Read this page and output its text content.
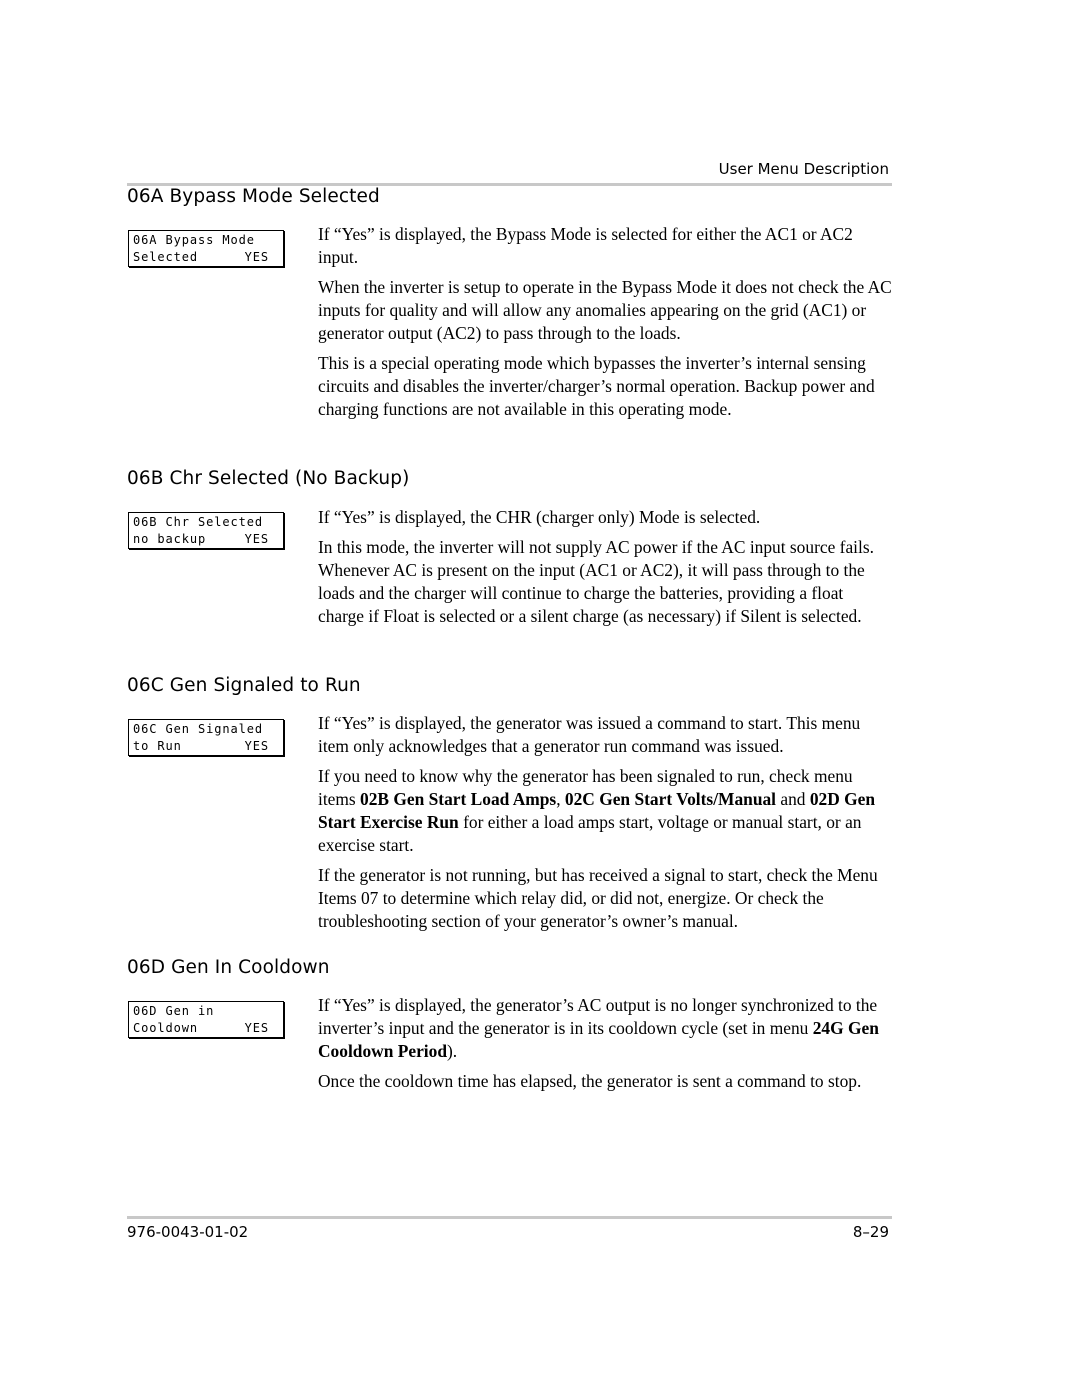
User Menu Description
06A Bypass Mode Selected
06A Bypass Mode
Selected	YES

If “Yes” is displayed, the Bypass Mode is selected for either the AC1 or AC2 input.

When the inverter is setup to operate in the Bypass Mode it does not check the AC inputs for quality and will allow any anomalies appearing on the grid (AC1) or generator output (AC2) to pass through to the loads.

This is a special operating mode which bypasses the inverter’s internal sensing circuits and disables the inverter/charger’s normal operation. Backup power and charging functions are not available in this operating mode.

06B Chr Selected (No Backup)
06B Chr Selected
no backup	YES

If “Yes” is displayed, the CHR (charger only) Mode is selected.

In this mode, the inverter will not supply AC power if the AC input source fails. Whenever AC is present on the input (AC1 or AC2), it will pass through to the loads and the charger will continue to charge the batteries, providing a float charge if Float is selected or a silent charge (as necessary) if Silent is selected.

06C Gen Signaled to Run
06C Gen Signaled
to Run	YES

If “Yes” is displayed, the generator was issued a command to start. This menu item only acknowledges that a generator run command was issued.

If you need to know why the generator has been signaled to run, check menu items 02B Gen Start Load Amps, 02C Gen Start Volts/Manual and 02D Gen Start Exercise Run for either a load amps start, voltage or manual start, or an exercise start.

If the generator is not running, but has received a signal to start, check the Menu Items 07 to determine which relay did, or did not, energize. Or check the troubleshooting section of your generator’s owner’s manual.

06D Gen In Cooldown
06D Gen in
Cooldown	YES

If “Yes” is displayed, the generator’s AC output is no longer synchronized to the inverter’s input and the generator is in its cooldown cycle (set in menu 24G Gen Cooldown Period).

Once the cooldown time has elapsed, the generator is sent a command to stop.

976-0043-01-02	8–29
